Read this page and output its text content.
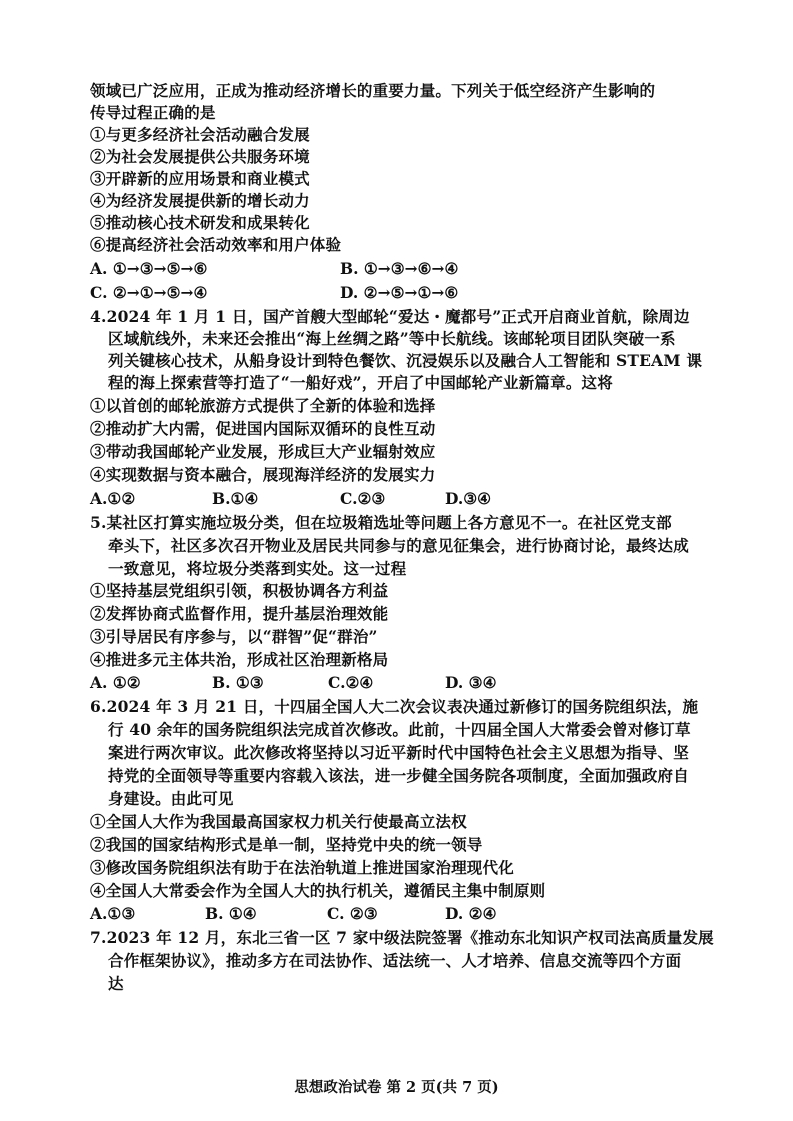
领域已广泛应用，正成为推动经济增长的重要力量。下列关于低空经济产生影响的
传导过程正确的是
①与更多经济社会活动融合发展
②为社会发展提供公共服务环境
③开辟新的应用场景和商业模式
④为经济发展提供新的增长动力
⑤推动核心技术研发和成果转化
⑥提高经济社会活动效率和用户体验
A. ①→③→⑤→⑥	B. ①→③→⑥→④
C. ②→①→⑤→④	D. ②→⑤→①→⑥
4.2024 年 1 月 1 日，国产首艘大型邮轮“爱达・魔都号”正式开启商业首航，除周边
区域航线外，未来还会推出“海上丝绸之路”等中长航线。该邮轮项目团队突破一系
列关键核心技术，从船身设计到特色餐饮、沉浸娱乐以及融合人工智能和 STEAM 课
程的海上探索营等打造了“一船好戏”，开启了中国邮轮产业新篇章。这将
①以首创的邮轮旅游方式提供了全新的体验和选择
②推动扩大内需，促进国内国际双循环的良性互动
③带动我国邮轮产业发展，形成巨大产业辐射效应
④实现数据与资本融合，展现海洋经济的发展实力
A.①②	B.①④	C.②③	D.③④
5.某社区打算实施垃圾分类，但在垃圾箱选址等问题上各方意见不一。在社区党支部
牵头下，社区多次召开物业及居民共同参与的意见征集会，进行协商讨论，最终达成
一致意见，将垃圾分类落到实处。这一过程
①坚持基层党组织引领，积极协调各方利益
②发挥协商式监督作用，提升基层治理效能
③引导居民有序参与，以“群智”促“群治”
④推进多元主体共治，形成社区治理新格局
A. ①②	B. ①③	C.②④	D. ③④
6.2024 年 3 月 21 日，十四届全国人大二次会议表决通过新修订的国务院组织法，施
行 40 余年的国务院组织法完成首次修改。此前，十四届全国人大常委会曾对修订草
案进行两次审议。此次修改将坚持以习近平新时代中国特色社会主义思想为指导、坚
持党的全面领导等重要内容载入该法，进一步健全国务院各项制度，全面加强政府自
身建设。由此可见
①全国人大作为我国最高国家权力机关行使最高立法权
②我国的国家结构形式是单一制，坚持党中央的统一领导
③修改国务院组织法有助于在法治轨道上推进国家治理现代化
④全国人大常委会作为全国人大的执行机关，遵循民主集中制原则
A.①③	B. ①④	C. ②③	D. ②④
7.2023 年 12 月，东北三省一区 7 家中级法院签署《推动东北知识产权司法高质量发展
合作框架协议》，推动多方在司法协作、适法统一、人才培养、信息交流等四个方面
达
思想政治试卷 第 2 页(共 7 页)
